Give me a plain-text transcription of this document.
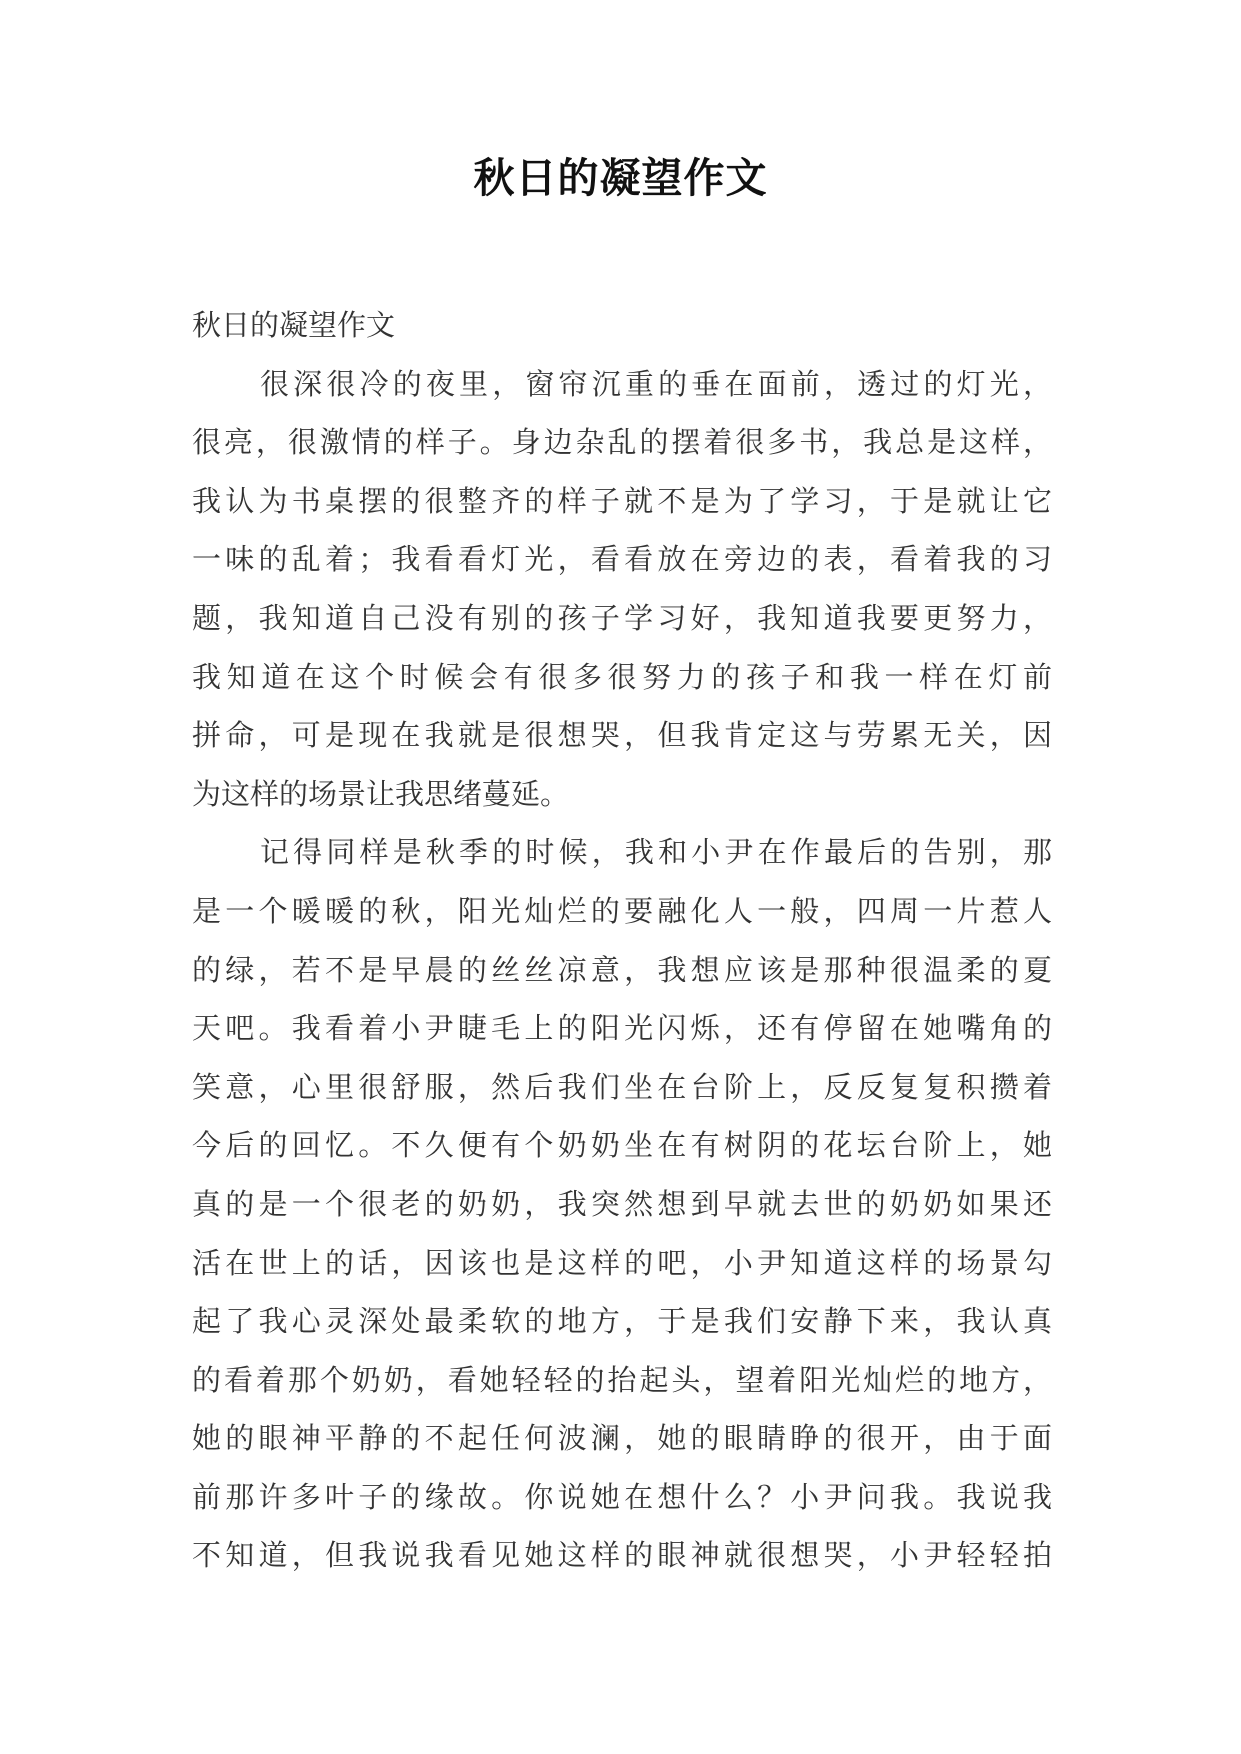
秋日的凝望作文
秋日的凝望作文
很深很冷的夜里，窗帘沉重的垂在面前，透过的灯光，
很亮，很激情的样子。身边杂乱的摆着很多书，我总是这样，
我认为书桌摆的很整齐的样子就不是为了学习，于是就让它
一味的乱着；我看看灯光，看看放在旁边的表，看着我的习
题，我知道自己没有别的孩子学习好，我知道我要更努力，
我知道在这个时候会有很多很努力的孩子和我一样在灯前
拼命，可是现在我就是很想哭，但我肯定这与劳累无关，因
为这样的场景让我思绪蔓延。
记得同样是秋季的时候，我和小尹在作最后的告别，那
是一个暖暖的秋，阳光灿烂的要融化人一般，四周一片惹人
的绿，若不是早晨的丝丝凉意，我想应该是那种很温柔的夏
天吧。我看着小尹睫毛上的阳光闪烁，还有停留在她嘴角的
笑意，心里很舒服，然后我们坐在台阶上，反反复复积攒着
今后的回忆。不久便有个奶奶坐在有树阴的花坛台阶上，她
真的是一个很老的奶奶，我突然想到早就去世的奶奶如果还
活在世上的话，因该也是这样的吧，小尹知道这样的场景勾
起了我心灵深处最柔软的地方，于是我们安静下来，我认真
的看着那个奶奶，看她轻轻的抬起头，望着阳光灿烂的地方，
她的眼神平静的不起任何波澜，她的眼睛睁的很开，由于面
前那许多叶子的缘故。你说她在想什么？小尹问我。我说我
不知道，但我说我看见她这样的眼神就很想哭，小尹轻轻拍
